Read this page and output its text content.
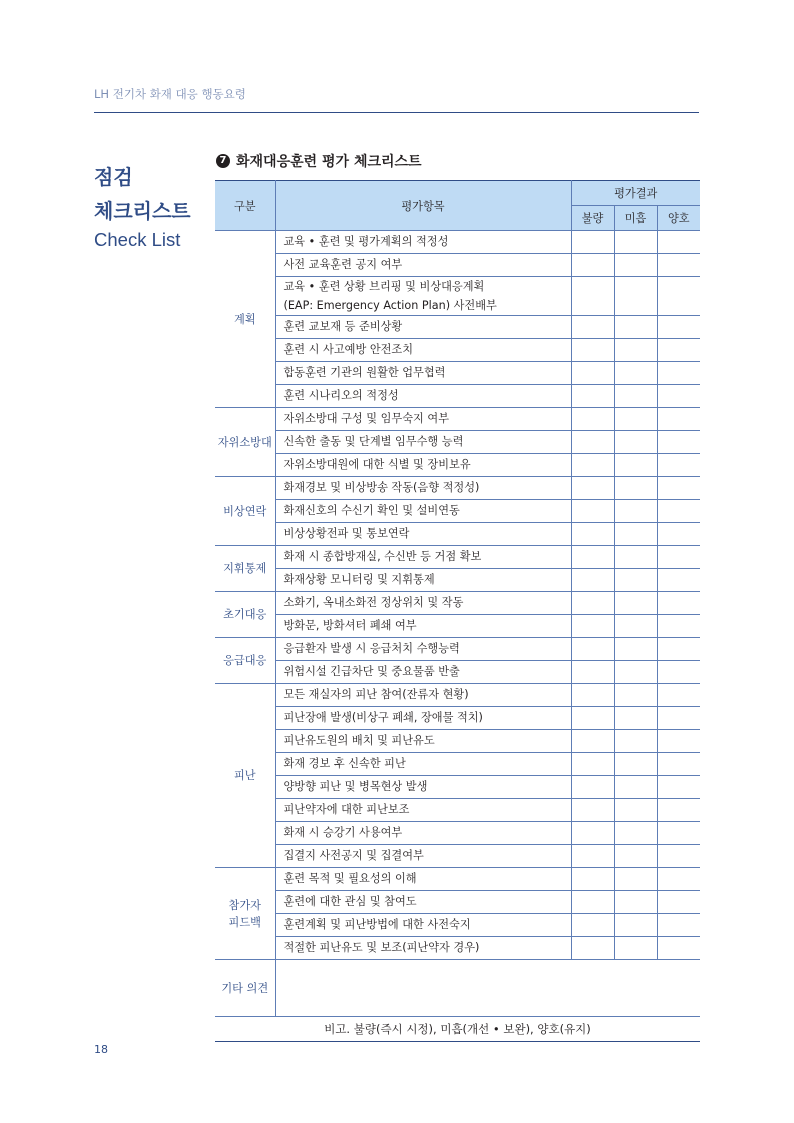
LH 전기차 화재 대응 행동요령
점검
체크리스트
Check List
7 화재대응훈련 평가 체크리스트
구분	평가항목	평가결과		
		불량	미흡	양호
계획	교육 • 훈련 및 평가계획의 적정성			
	사전 교육훈련 공지 여부			
	교육 • 훈련 상황 브리핑 및 비상대응계획
(EAP: Emergency Action Plan) 사전배부			
	훈련 교보재 등 준비상황			
	훈련 시 사고예방 안전조치			
	합동훈련 기관의 원활한 업무협력			
	훈련 시나리오의 적정성			
자위소방대	자위소방대 구성 및 임무숙지 여부			
	신속한 출동 및 단계별 임무수행 능력			
	자위소방대원에 대한 식별 및 장비보유			
비상연락	화재경보 및 비상방송 작동(음향 적정성)			
	화재신호의 수신기 확인 및 설비연동			
	비상상황전파 및 통보연락			
지휘통제	화재 시 종합방재실, 수신반 등 거점 확보			
	화재상황 모니터링 및 지휘통제			
초기대응	소화기, 옥내소화전 정상위치 및 작동			
	방화문, 방화셔터 폐쇄 여부			
응급대응	응급환자 발생 시 응급처치 수행능력			
	위험시설 긴급차단 및 중요물품 반출			
피난	모든 재실자의 피난 참여(잔류자 현황)			
	피난장애 발생(비상구 폐쇄, 장애물 적치)			
	피난유도원의 배치 및 피난유도			
	화재 경보 후 신속한 피난			
	양방향 피난 및 병목현상 발생			
	피난약자에 대한 피난보조			
	화재 시 승강기 사용여부			
	집결지 사전공지 및 집결여부			
참가자
피드백	훈련 목적 및 필요성의 이해			
	훈련에 대한 관심 및 참여도			
	훈련계획 및 피난방법에 대한 사전숙지			
	적절한 피난유도 및 보조(피난약자 경우)			
기타 의견				
비고. 불량(즉시 시정), 미흡(개선 • 보완), 양호(유지)				
18
